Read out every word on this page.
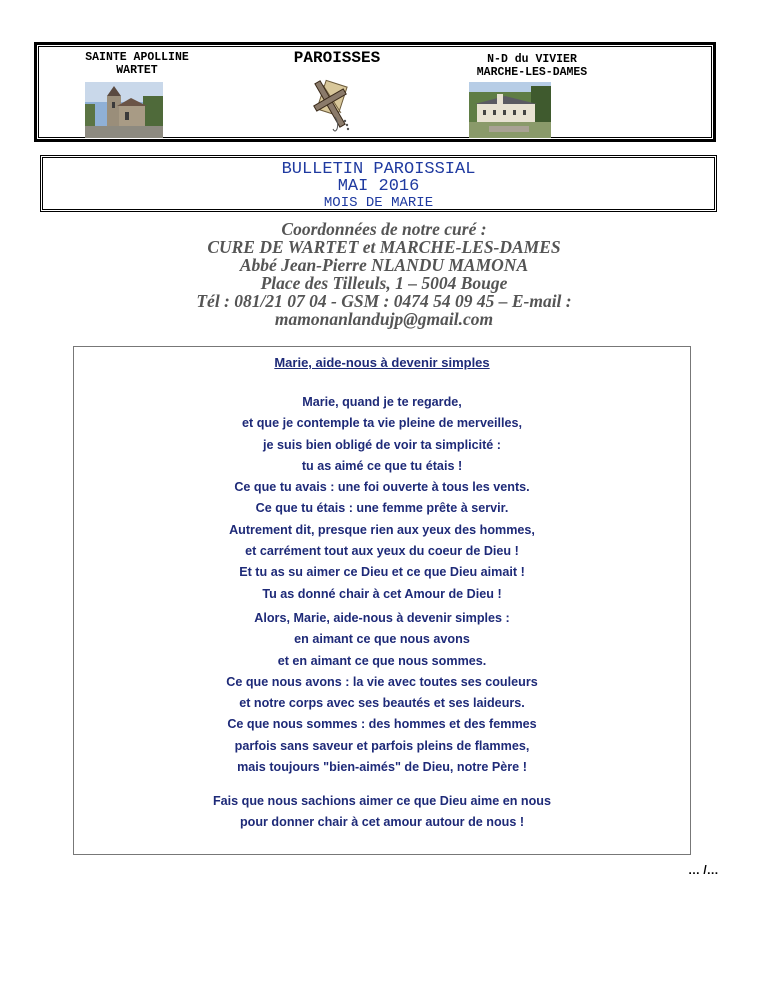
SAINTE APOLLINE
WARTET
PAROISSES	N-D du VIVIER
MARCHE-LES-DAMES
BULLETIN PAROISSIAL
MAI 2016
MOIS DE MARIE
Coordonnées de notre curé :
CURE DE WARTET et MARCHE-LES-DAMES
Abbé Jean-Pierre NLANDU MAMONA
Place des Tilleuls, 1 – 5004 Bouge
Tél : 081/21 07 04 - GSM : 0474 54 09 45 – E-mail :
mamonanlandujp@gmail.com
Marie, aide-nous à devenir simples
Marie, quand je te regarde,
et que je contemple ta vie pleine de merveilles,
je suis bien obligé de voir ta simplicité :
tu as aimé ce que tu étais !
Ce que tu avais : une foi ouverte à tous les vents.
Ce que tu étais : une femme prête à servir.
Autrement dit, presque rien aux yeux des hommes,
et carrément tout aux yeux du coeur de Dieu !
Et tu as su aimer ce Dieu et ce que Dieu aimait !
Tu as donné chair à cet Amour de Dieu !
Alors, Marie, aide-nous à devenir simples :
en aimant ce que nous avons
et en aimant ce que nous sommes.
Ce que nous avons : la vie avec toutes ses couleurs
et notre corps avec ses beautés et ses laideurs.
Ce que nous sommes : des hommes et des femmes
parfois sans saveur et parfois pleins de flammes,
mais toujours "bien-aimés" de Dieu, notre Père !
Fais que nous sachions aimer ce que Dieu aime en nous
pour donner chair à cet amour autour de nous !
… /…
